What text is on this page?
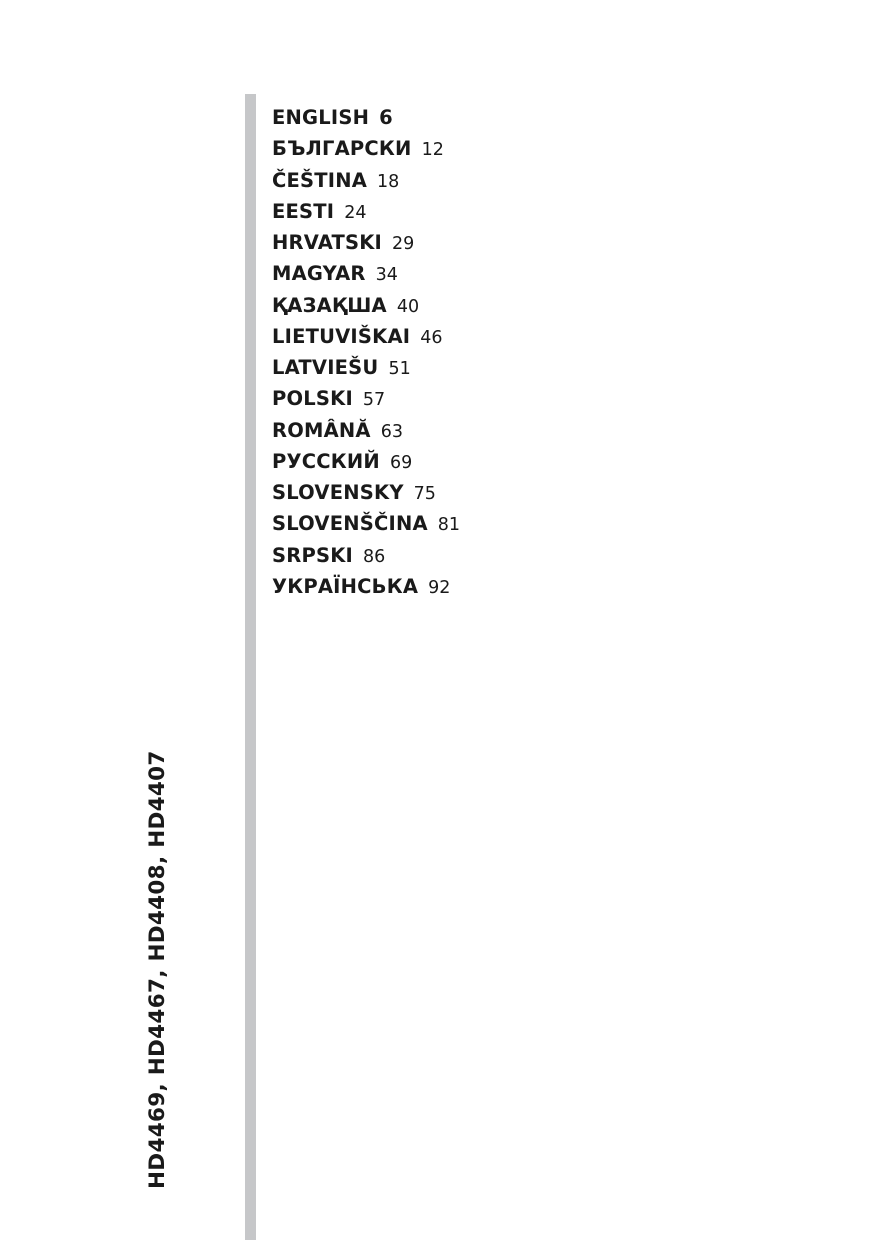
HD4469, HD4467, HD4408, HD4407
ENGLISH 6
БЪЛГАРСКИ 12
ČEŠTINA 18
EESTI 24
HRVATSKI 29
MAGYAR 34
ҚАЗАҚША 40
LIETUVIŠKAI 46
LATVIEŠU 51
POLSKI 57
ROMÂNĂ 63
РУССКИЙ 69
SLOVENSKY 75
SLOVENŠČINA 81
SRPSKI 86
УКРАЇНСЬКА 92
